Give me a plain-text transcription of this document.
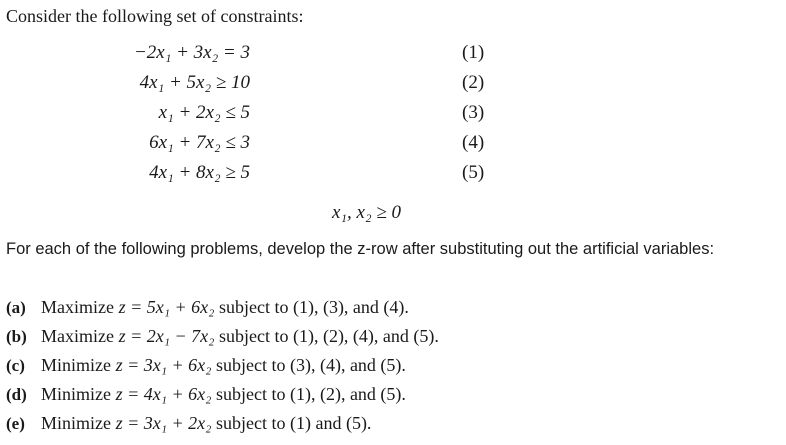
Consider the following set of constraints:
−2x₁ + 3x₂ = 3	(1)
4x₁ + 5x₂ ≥ 10	(2)
x₁ + 2x₂ ≤ 5	(3)
6x₁ + 7x₂ ≤ 3	(4)
4x₁ + 8x₂ ≥ 5	(5)
x₁, x₂ ≥ 0
For each of the following problems, develop the z-row after substituting out the artificial variables:
(a) Maximize z = 5x₁ + 6x₂ subject to (1), (3), and (4).
(b) Maximize z = 2x₁ − 7x₂ subject to (1), (2), (4), and (5).
(c) Minimize z = 3x₁ + 6x₂ subject to (3), (4), and (5).
(d) Minimize z = 4x₁ + 6x₂ subject to (1), (2), and (5).
(e) Minimize z = 3x₁ + 2x₂ subject to (1) and (5).
